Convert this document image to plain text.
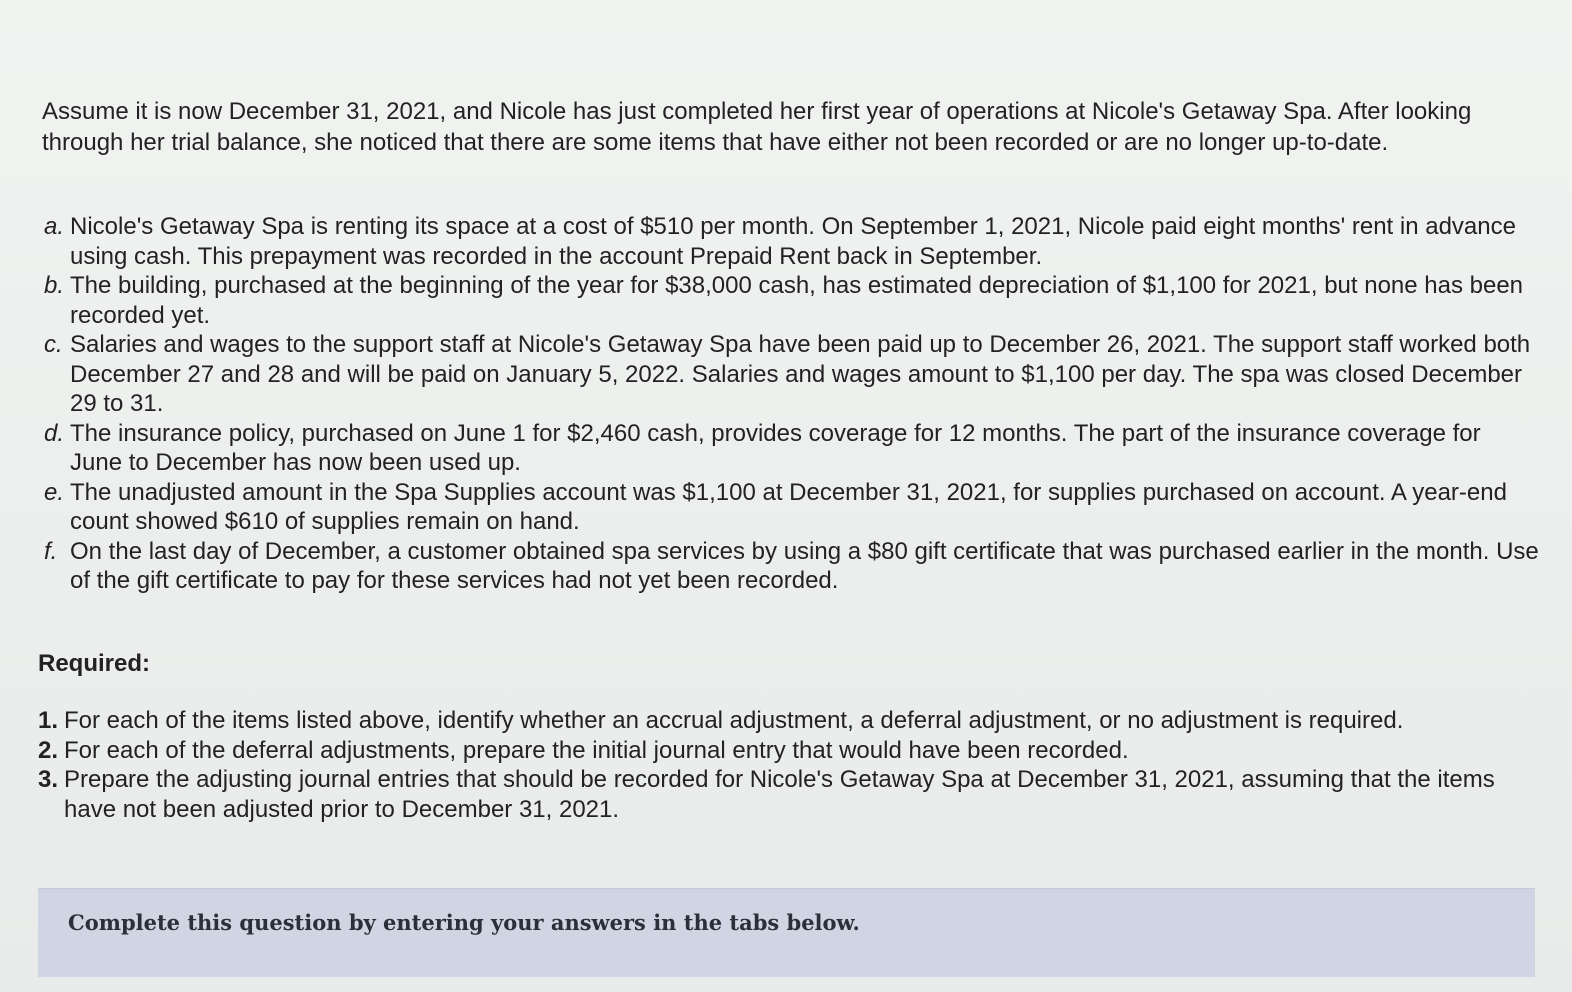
Assume it is now December 31, 2021, and Nicole has just completed her first year of operations at Nicole's Getaway Spa. After looking through her trial balance, she noticed that there are some items that have either not been recorded or are no longer up-to-date.

a. Nicole's Getaway Spa is renting its space at a cost of $510 per month. On September 1, 2021, Nicole paid eight months' rent in advance using cash. This prepayment was recorded in the account Prepaid Rent back in September.
b. The building, purchased at the beginning of the year for $38,000 cash, has estimated depreciation of $1,100 for 2021, but none has been recorded yet.
c. Salaries and wages to the support staff at Nicole's Getaway Spa have been paid up to December 26, 2021. The support staff worked both December 27 and 28 and will be paid on January 5, 2022. Salaries and wages amount to $1,100 per day. The spa was closed December 29 to 31.
d. The insurance policy, purchased on June 1 for $2,460 cash, provides coverage for 12 months. The part of the insurance coverage for June to December has now been used up.
e. The unadjusted amount in the Spa Supplies account was $1,100 at December 31, 2021, for supplies purchased on account. A year-end count showed $610 of supplies remain on hand.
f. On the last day of December, a customer obtained spa services by using a $80 gift certificate that was purchased earlier in the month. Use of the gift certificate to pay for these services had not yet been recorded.
Required:
1. For each of the items listed above, identify whether an accrual adjustment, a deferral adjustment, or no adjustment is required.
2. For each of the deferral adjustments, prepare the initial journal entry that would have been recorded.
3. Prepare the adjusting journal entries that should be recorded for Nicole's Getaway Spa at December 31, 2021, assuming that the items have not been adjusted prior to December 31, 2021.
Complete this question by entering your answers in the tabs below.
